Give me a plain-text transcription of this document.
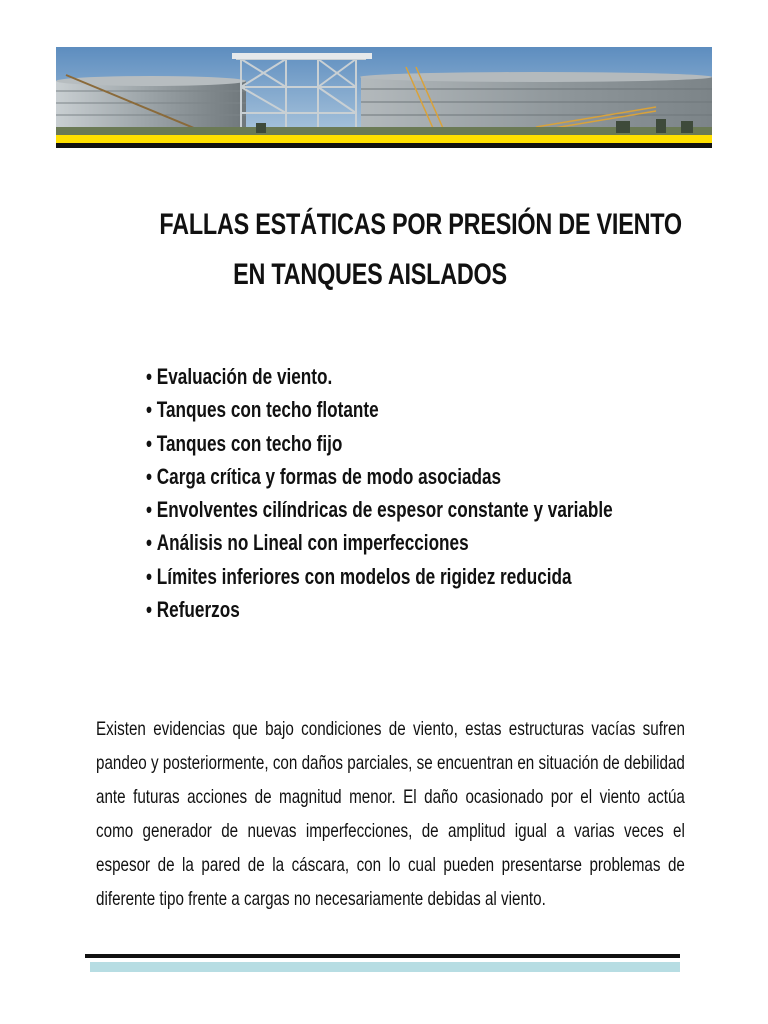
FALLAS ESTÁTICAS POR PRESIÓN DE VIENTO
EN TANQUES AISLADOS
• Evaluación de viento.
• Tanques con techo flotante
• Tanques con techo fijo
• Carga crítica y formas de modo asociadas
• Envolventes cilíndricas de espesor constante y variable
• Análisis no Lineal con imperfecciones
• Límites inferiores con modelos de rigidez reducida
• Refuerzos

Existen evidencias que bajo condiciones de viento, estas estructuras vacías sufren pandeo y posteriormente, con daños parciales, se encuentran en situación de debilidad ante futuras acciones de magnitud menor. El daño ocasionado por el viento actúa como generador de nuevas imperfecciones, de amplitud igual a varias veces el espesor de la pared de la cáscara, con lo cual pueden presentarse problemas de diferente tipo frente a cargas no necesariamente debidas al viento.
